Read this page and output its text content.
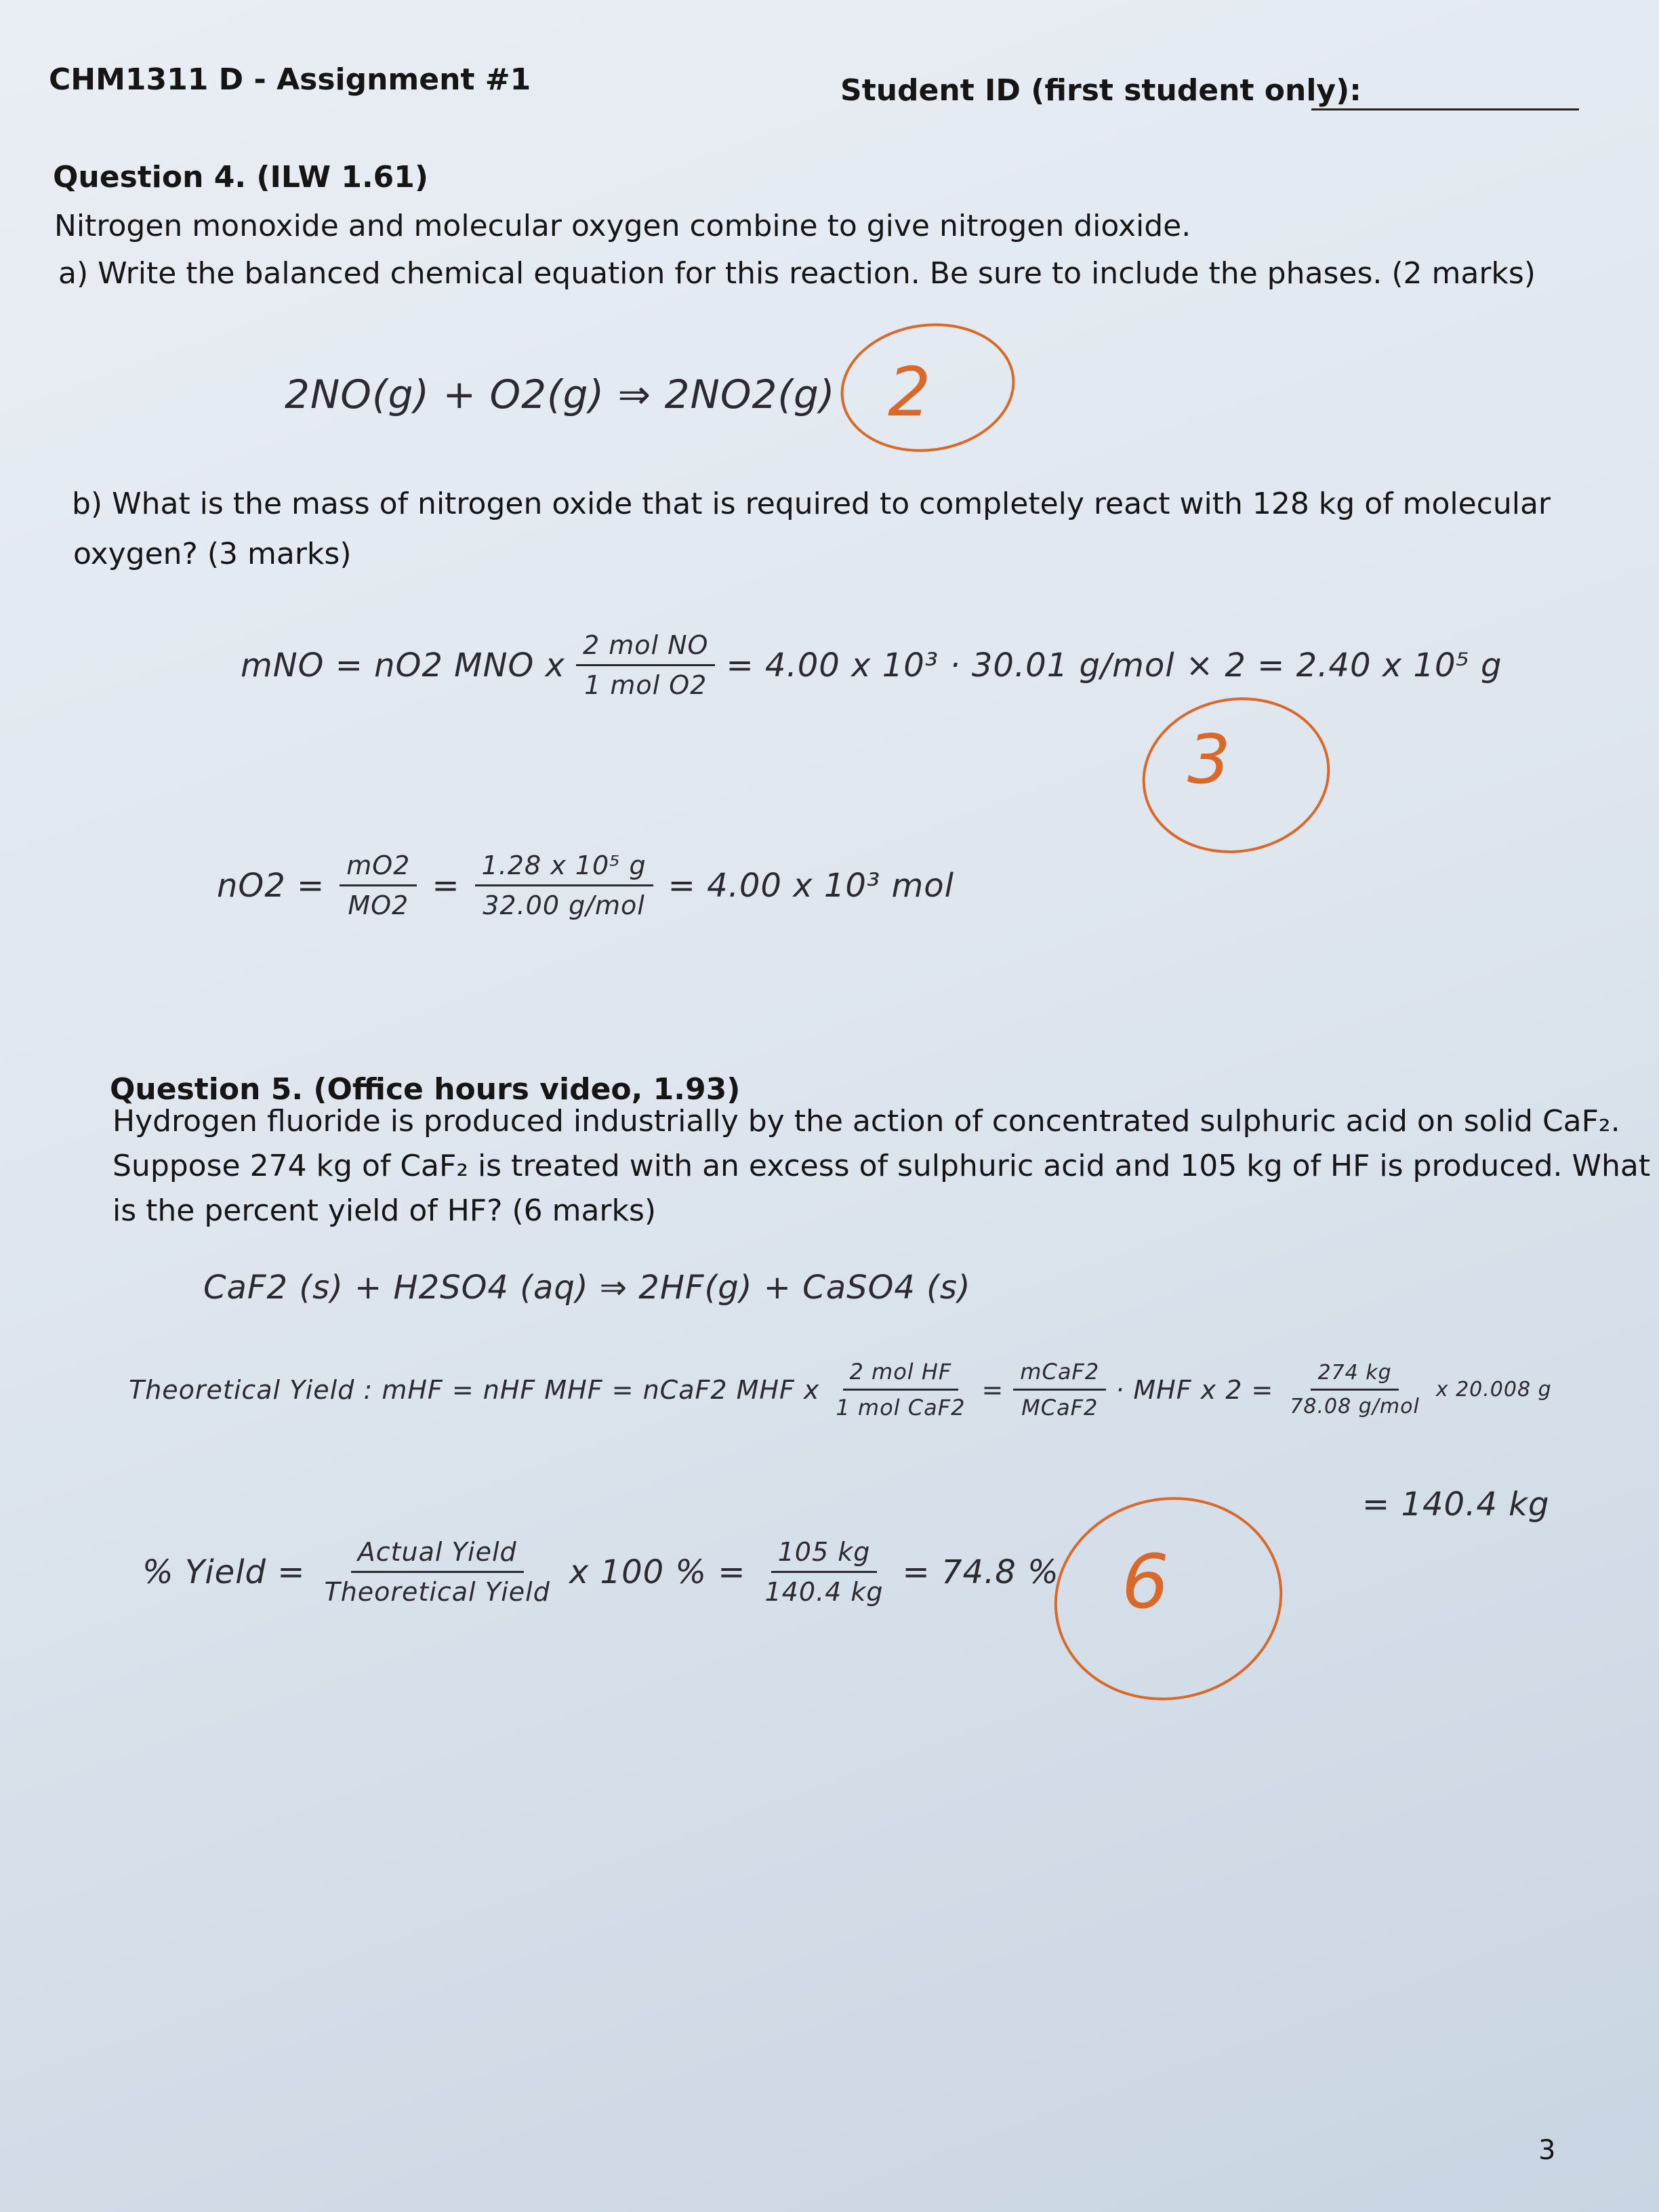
CHM1311 D - Assignment #1	Student ID (first student only):
Question 4. (ILW 1.61)
Nitrogen monoxide and molecular oxygen combine to give nitrogen dioxide.
a) Write the balanced chemical equation for this reaction. Be sure to include the phases. (2 marks)
2NO(g) + O2(g) ⇒ 2NO2(g) 2
b) What is the mass of nitrogen oxide that is required to completely react with 128 kg of molecular
oxygen? (3 marks)
mNO = nO2 MNO x $\frac{\text{2 mol NO}}{\text{1 mol O2}} = 4.00$ x 10³ · 30.01 g/mol × 2 = 2.40 x 10⁵ g
3
$nO2 = \frac{mO2}{MO2} = \frac{\text{1.28 x 10⁵ g}}{\text{32.00 g/mol}} = 4.00$ x 10³ mol
Question 5. (Office hours video, 1.93)
Hydrogen fluoride is produced industrially by the action of concentrated sulphuric acid on solid CaF₂.
Suppose 274 kg of CaF₂ is treated with an excess of sulphuric acid and 105 kg of HF is produced. What
is the percent yield of HF? (6 marks)
CaF2 (s) + H2SO4 (aq) ⇒ 2HF(g) + CaSO4 (s)
Theoretical Yield : mHF = nHF MHF = nCaF2 MHF x $\frac{\text{2 mol HF}}{\text{1 mol CaF2}} = \frac{\text{mCaF2}}{\text{MCaF2}}$ · MHF x $2 = \frac{274 kg}{\text{78.08 g/mol}}$ x 20.008 g
= 140.4 kg
% Yield = $\frac{\text{Actual Yield}}{\text{Theoretical Yield}}$ x 100 % = $\frac{105 kg}{140.4 kg} = 74.8$ % 6
3
